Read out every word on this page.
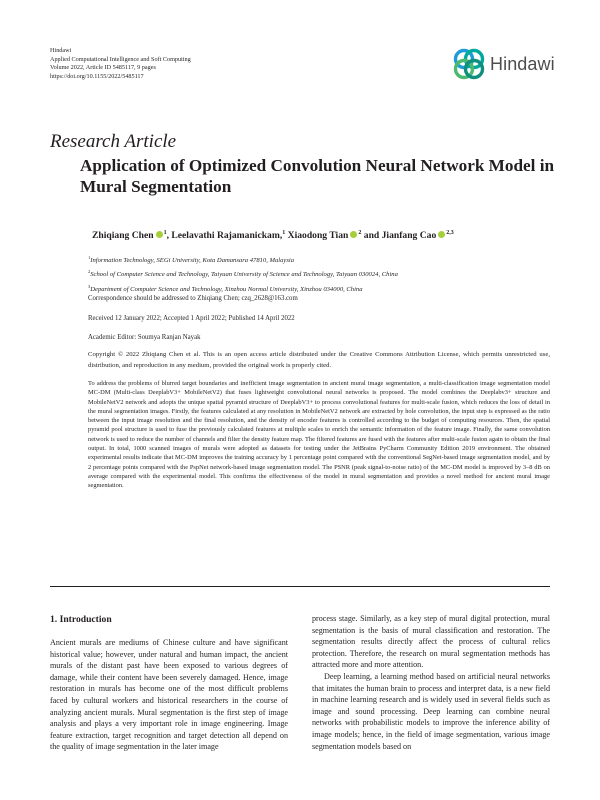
Hindawi
Applied Computational Intelligence and Soft Computing
Volume 2022, Article ID 5485117, 9 pages
https://doi.org/10.1155/2022/5485117
Hindawi
Research Article
Application of Optimized Convolution Neural Network Model in Mural Segmentation
Zhiqiang Chen $^1$, Leelavathi Rajamanickam,$^1$ Xiaodong Tian $^2$ and Jianfang Cao $^{2,3}$
$^1$Information Technology, SEGi University, Kota Damansara 47810, Malaysia
$^2$School of Computer Science and Technology, Taiyuan University of Science and Technology, Taiyuan 030024, China
$^3$Department of Computer Science and Technology, Xinzhou Normal University, Xinzhou 034000, China
Correspondence should be addressed to Zhiqiang Chen; czq_2628@163.com
Received 12 January 2022; Accepted 1 April 2022; Published 14 April 2022
Academic Editor: Soumya Ranjan Nayak
Copyright © 2022 Zhiqiang Chen et al. This is an open access article distributed under the Creative Commons Attribution License, which permits unrestricted use, distribution, and reproduction in any medium, provided the original work is properly cited.
To address the problems of blurred target boundaries and inefficient image segmentation in ancient mural image segmentation, a multi-classification image segmentation model MC-DM (Multi-class DeeplabV3+ MobileNetV2) that fuses lightweight convolutional neural networks is proposed. The model combines the Deeplabv3+ structure and MobileNetV2 network and adopts the unique spatial pyramid structure of DeeplabV3+ to process convolutional features for multi-scale fusion, which reduces the loss of detail in the mural segmentation images. Firstly, the features calculated at any resolution in MobileNetV2 network are extracted by hole convolution, the input step is expressed as the ratio between the input image resolution and the final resolution, and the density of encoder features is controlled according to the budget of computing resources. Then, the spatial pyramid pool structure is used to fuse the previously calculated features at multiple scales to enrich the semantic information of the feature image. Finally, the same convolution network is used to reduce the number of channels and filter the density feature map. The filtered features are fused with the features after multi-scale fusion again to obtain the final output. In total, 1000 scanned images of murals were adopted as datasets for testing under the JetBrains PyCharm Community Edition 2019 environment. The obtained experimental results indicate that MC-DM improves the training accuracy by 1 percentage point compared with the conventional SegNet-based image segmentation model, and by 2 percentage points compared with the PspNet network-based image segmentation model. The PSNR (peak signal-to-noise ratio) of the MC-DM model is improved by 3–8 dB on average compared with the experimental model. This confirms the effectiveness of the model in mural segmentation and provides a novel method for ancient mural image segmentation.
1. Introduction

Ancient murals are mediums of Chinese culture and have significant historical value; however, under natural and human impact, the ancient murals of the distant past have been exposed to various degrees of damage, while their content have been severely damaged. Hence, image restoration in murals has become one of the most difficult problems faced by cultural workers and historical researchers in the course of analyzing ancient murals. Mural segmentation is the first step of image analysis and plays a very important role in image engineering. Image feature extraction, target recognition and target detection all depend on the quality of image segmentation in the later image

process stage. Similarly, as a key step of mural digital protection, mural segmentation is the basis of mural classification and restoration. The segmentation results directly affect the process of cultural relics protection. Therefore, the research on mural segmentation methods has attracted more and more attention.

Deep learning, a learning method based on artificial neural networks that imitates the human brain to process and interpret data, is a new field in machine learning research and is widely used in several fields such as image and sound processing. Deep learning can combine neural networks with probabilistic models to improve the inference ability of image models; hence, in the field of image segmentation, various image segmentation models based on
